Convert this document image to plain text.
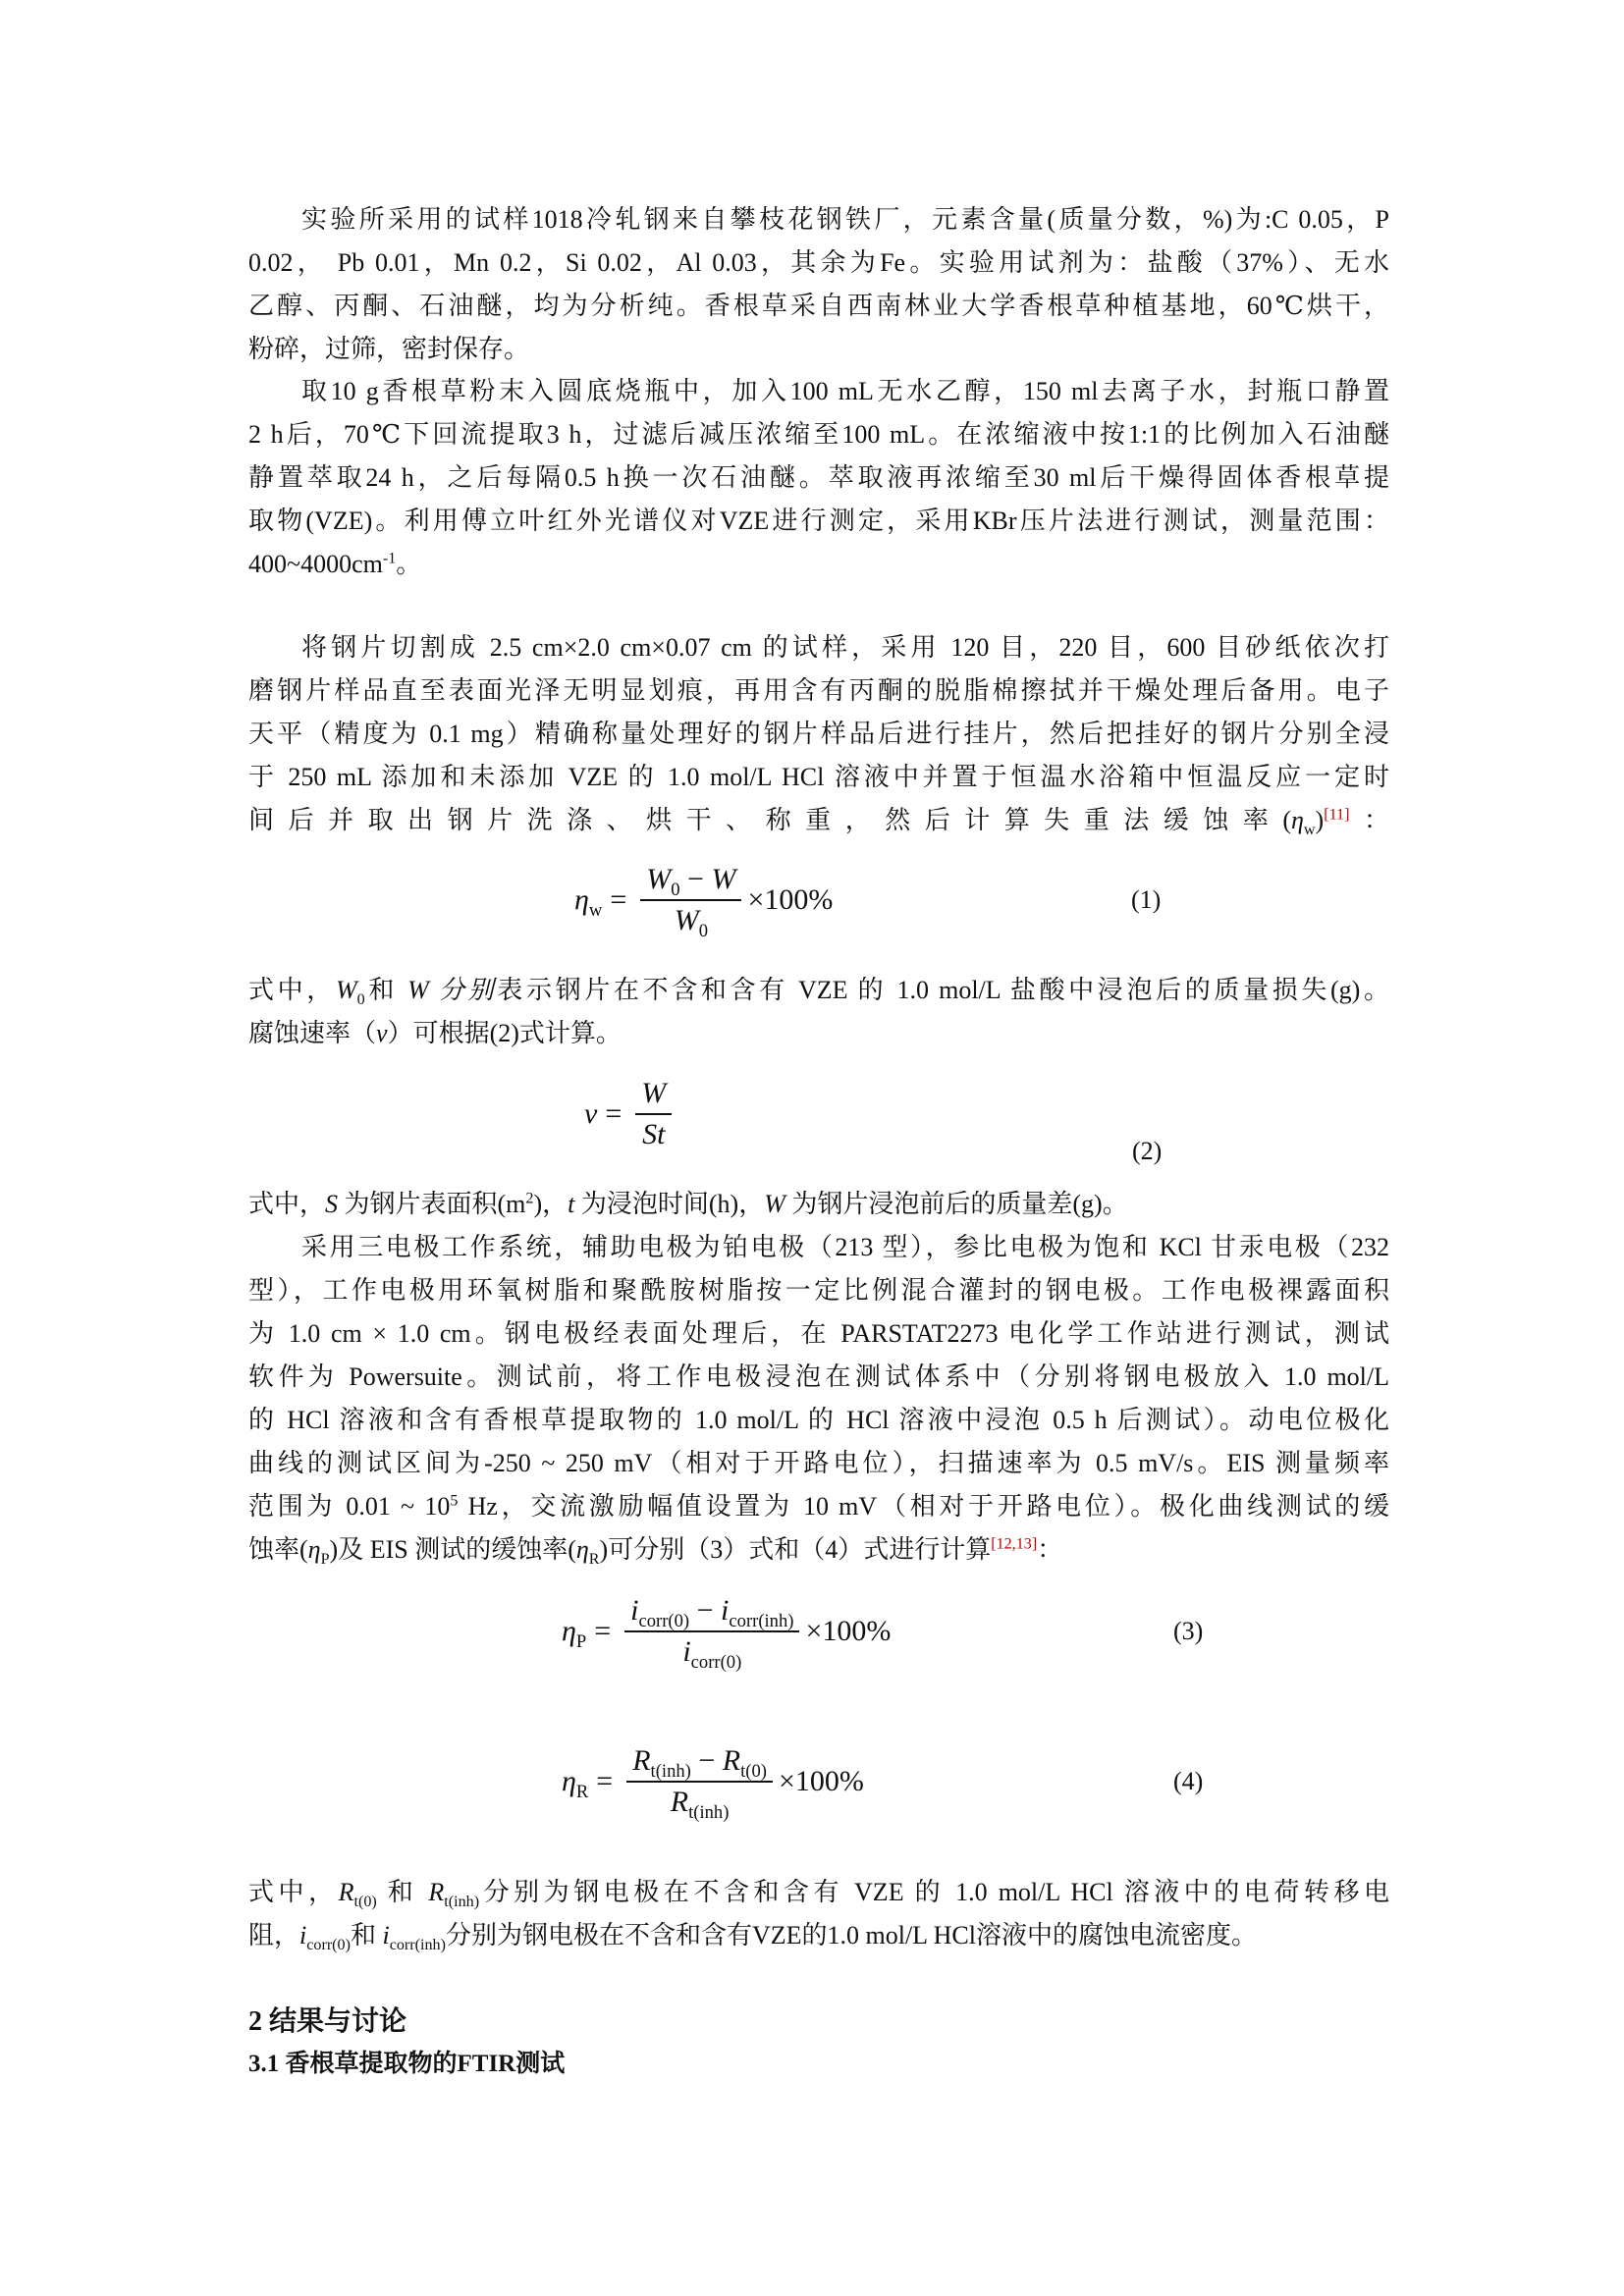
实验所采用的试样1018冷轧钢来自攀枝花钢铁厂，元素含量(质量分数，%)为:C 0.05，P
0.02， Pb 0.01，Mn 0.2，Si 0.02，Al 0.03，其余为Fe。实验用试剂为：盐酸（37%）、无水
乙醇、丙酮、石油醚，均为分析纯。香根草采自西南林业大学香根草种植基地，60℃烘干，
粉碎，过筛，密封保存。
取10 g香根草粉末入圆底烧瓶中，加入100 mL无水乙醇，150 ml去离子水，封瓶口静置
2 h后，70℃下回流提取3 h，过滤后减压浓缩至100 mL。在浓缩液中按1:1的比例加入石油醚
静置萃取24 h，之后每隔0.5 h换一次石油醚。萃取液再浓缩至30 ml后干燥得固体香根草提
取物(VZE)。利用傅立叶红外光谱仪对VZE进行测定，采用KBr压片法进行测试，测量范围：
$400\sim 4000cm^{-1}$。
将钢片切割成 2.5 cm×2.0 cm×0.07 cm 的试样，采用 120 目，220 目，600 目砂纸依次打
磨钢片样品直至表面光泽无明显划痕，再用含有丙酮的脱脂棉擦拭并干燥处理后备用。电子
天平（精度为 0.1 mg）精确称量处理好的钢片样品后进行挂片，然后把挂好的钢片分别全浸
于 250 mL 添加和未添加 VZE 的 1.0 mol/L HCl 溶液中并置于恒温水浴箱中恒温反应一定时
间后并取出钢片洗涤、烘干、称重，然后计算失重法缓蚀率$(\eta_w)[11]$：
$\eta_w = \frac{W_0 - W}{W_0} \times 100\%$	(1)
式中，$W_0$和 W 分别表示钢片在不含和含有 VZE 的 1.0 mol/L 盐酸中浸泡后的质量损失(g)。
腐蚀速率（v）可根据(2)式计算。
$v = \frac{W}{St}$	(2)
式中，S 为钢片表面积$(m^2)$，t 为浸泡时间(h)，W 为钢片浸泡前后的质量差(g)。
采用三电极工作系统，辅助电极为铂电极（213 型），参比电极为饱和 KCl 甘汞电极（232
型），工作电极用环氧树脂和聚酰胺树脂按一定比例混合灌封的钢电极。工作电极裸露面积
为 1.0 cm × 1.0 cm。钢电极经表面处理后，在 PARSTAT2273 电化学工作站进行测试，测试
软件为 Powersuite。测试前，将工作电极浸泡在测试体系中（分别将钢电极放入 1.0 mol/L
的 HCl 溶液和含有香根草提取物的 1.0 mol/L 的 HCl 溶液中浸泡 0.5 h 后测试）。动电位极化
曲线的测试区间为-250 ~ 250 mV（相对于开路电位），扫描速率为 0.5 mV/s。EIS 测量频率
范围为 0.01 ~ $10^5$ Hz，交流激励幅值设置为 10 mV（相对于开路电位）。极化曲线测试的缓
蚀率$(\eta_P)$及 EIS 测试的缓蚀率$(\eta_R)$可分别（3）式和（4）式进行计算[12,13]：
$\eta_P = \frac{i_{corr(0)} - i_{corr(inh)}}{i_{corr(0)}} \times 100\%$	(3)
$\eta_R = \frac{R_{t(inh)} - R_{t(0)}}{R_{t(inh)}} \times 100\%$	(4)
式中，$R_{t(0)}$ 和 $R_{t(inh)}$分别为钢电极在不含和含有 VZE 的 1.0 mol/L HCl 溶液中的电荷转移电
阻，$i_{corr(0)}$和 $i_{corr(inh)}$分别为钢电极在不含和含有VZE的1.0 mol/L HCl溶液中的腐蚀电流密度。
2 结果与讨论
3.1 香根草提取物的FTIR测试
